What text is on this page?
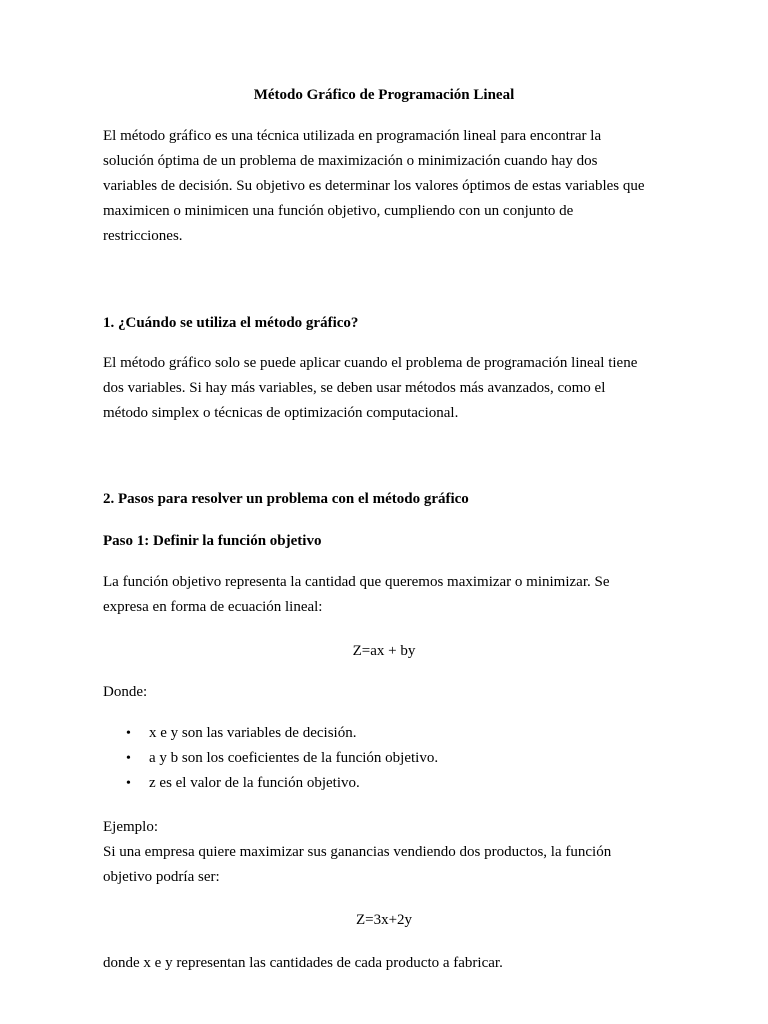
Método Gráfico de Programación Lineal

El método gráfico es una técnica utilizada en programación lineal para encontrar la
solución óptima de un problema de maximización o minimización cuando hay dos
variables de decisión. Su objetivo es determinar los valores óptimos de estas variables que
maximicen o minimicen una función objetivo, cumpliendo con un conjunto de
restricciones.

1. ¿Cuándo se utiliza el método gráfico?

El método gráfico solo se puede aplicar cuando el problema de programación lineal tiene
dos variables. Si hay más variables, se deben usar métodos más avanzados, como el
método simplex o técnicas de optimización computacional.

2. Pasos para resolver un problema con el método gráfico
Paso 1: Definir la función objetivo

La función objetivo representa la cantidad que queremos maximizar o minimizar. Se
expresa en forma de ecuación lineal:

Z=ax + by

Donde:

• x e y son las variables de decisión.
• a y b son los coeficientes de la función objetivo.
• z es el valor de la función objetivo.

Ejemplo:
Si una empresa quiere maximizar sus ganancias vendiendo dos productos, la función
objetivo podría ser:

Z=3x+2y

donde x e y representan las cantidades de cada producto a fabricar.
